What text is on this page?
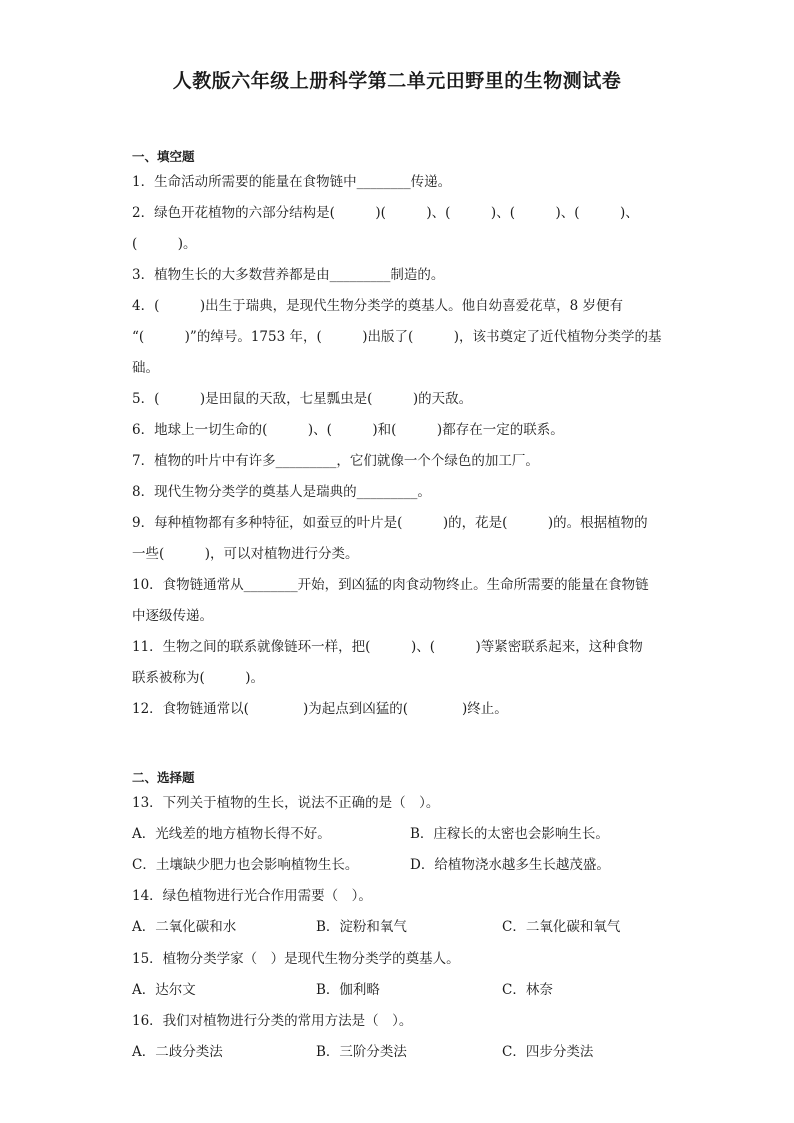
人教版六年级上册科学第二单元田野里的生物测试卷
一、填空题
1．生命活动所需要的能量在食物链中________传递。
2．绿色开花植物的六部分结构是(　　　)(　　　)、(　　　)、(　　　)、(　　　)、
(　　　)。
3．植物生长的大多数营养都是由_________制造的。
4．(　　　)出生于瑞典，是现代生物分类学的奠基人。他自幼喜爱花草，8 岁便有
“(　　　)”的绰号。1753 年，(　　　)出版了(　　　)，该书奠定了近代植物分类学的基
础。
5．(　　　)是田鼠的天敌，七星瓢虫是(　　　)的天敌。
6．地球上一切生命的(　　　)、(　　　)和(　　　)都存在一定的联系。
7．植物的叶片中有许多_________，它们就像一个个绿色的加工厂。
8．现代生物分类学的奠基人是瑞典的_________。
9．每种植物都有多种特征，如蚕豆的叶片是(　　　)的，花是(　　　)的。根据植物的
一些(　　　)，可以对植物进行分类。
10．食物链通常从________开始，到凶猛的肉食动物终止。生命所需要的能量在食物链
中逐级传递。
11．生物之间的联系就像链环一样，把(　　　)、(　　　)等紧密联系起来，这种食物
联系被称为(　　　)。
12．食物链通常以(　　　　)为起点到凶猛的(　　　　)终止。
二、选择题
13．下列关于植物的生长，说法不正确的是（　）。
A．光线差的地方植物长得不好。	B．庄稼长的太密也会影响生长。
C．土壤缺少肥力也会影响植物生长。	D．给植物浇水越多生长越茂盛。
14．绿色植物进行光合作用需要（　）。
A．二氧化碳和水	B．淀粉和氧气	C．二氧化碳和氧气
15．植物分类学家（　）是现代生物分类学的奠基人。
A．达尔文	B．伽利略	C．林奈
16．我们对植物进行分类的常用方法是（　）。
A．二歧分类法	B．三阶分类法	C．四步分类法
